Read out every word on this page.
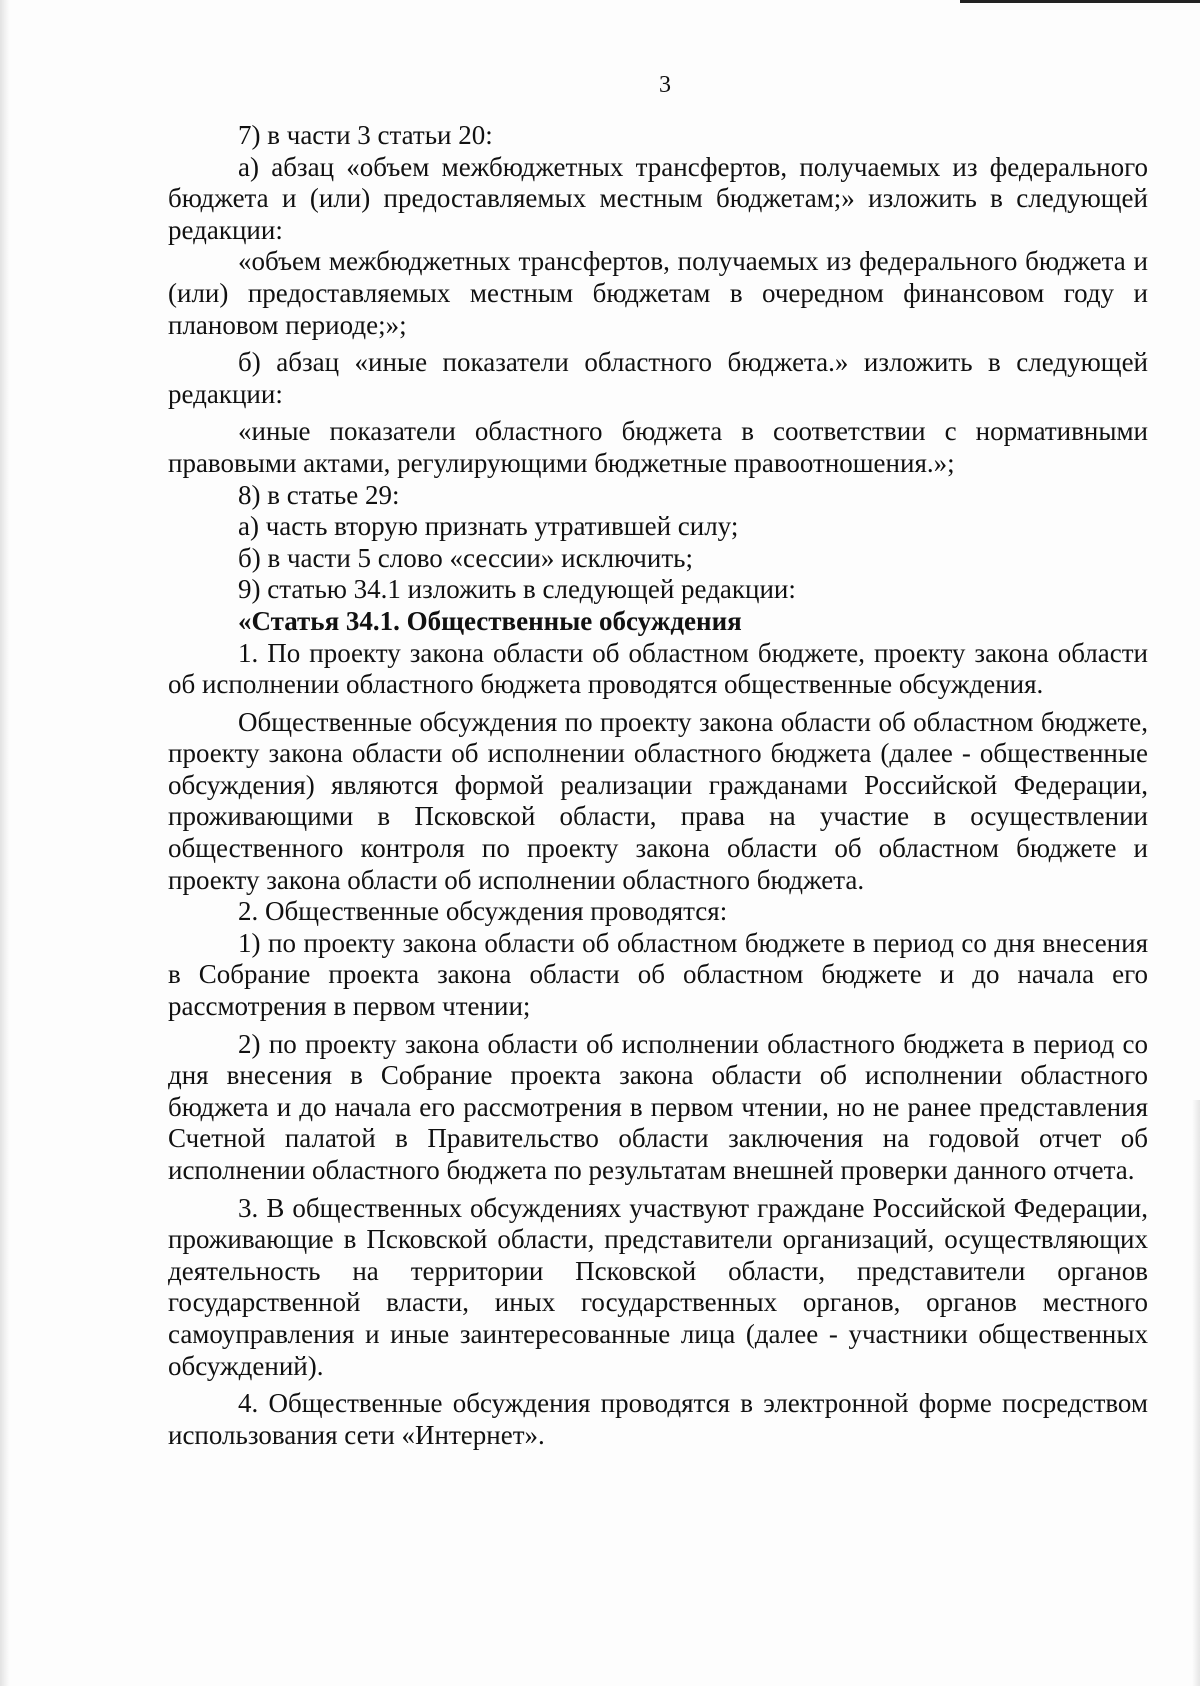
3

7) в части 3 статьи 20:

а) абзац «объем межбюджетных трансфертов, получаемых из федерального бюджета и (или) предоставляемых местным бюджетам;» изложить в следующей редакции:

«объем межбюджетных трансфертов, получаемых из федерального бюджета и (или) предоставляемых местным бюджетам в очередном финансовом году и плановом периоде;»;

б) абзац «иные показатели областного бюджета.» изложить в следующей редакции:

«иные показатели областного бюджета в соответствии с нормативными правовыми актами, регулирующими бюджетные правоотношения.»;

8) в статье 29:

а) часть вторую признать утратившей силу;

б) в части 5 слово «сессии» исключить;

9) статью 34.1 изложить в следующей редакции:

«Статья 34.1. Общественные обсуждения

1. По проекту закона области об областном бюджете, проекту закона области об исполнении областного бюджета проводятся общественные обсуждения.

Общественные обсуждения по проекту закона области об областном бюджете, проекту закона области об исполнении областного бюджета (далее - общественные обсуждения) являются формой реализации гражданами Российской Федерации, проживающими в Псковской области, права на участие в осуществлении общественного контроля по проекту закона области об областном бюджете и проекту закона области об исполнении областного бюджета.

2. Общественные обсуждения проводятся:

1) по проекту закона области об областном бюджете в период со дня внесения в Собрание проекта закона области об областном бюджете и до начала его рассмотрения в первом чтении;

2) по проекту закона области об исполнении областного бюджета в период со дня внесения в Собрание проекта закона области об исполнении областного бюджета и до начала его рассмотрения в первом чтении, но не ранее представления Счетной палатой в Правительство области заключения на годовой отчет об исполнении областного бюджета по результатам внешней проверки данного отчета.

3. В общественных обсуждениях участвуют граждане Российской Федерации, проживающие в Псковской области, представители организаций, осуществляющих деятельность на территории Псковской области, представители органов государственной власти, иных государственных органов, органов местного самоуправления и иные заинтересованные лица (далее - участники общественных обсуждений).

4. Общественные обсуждения проводятся в электронной форме посредством использования сети «Интернет».
